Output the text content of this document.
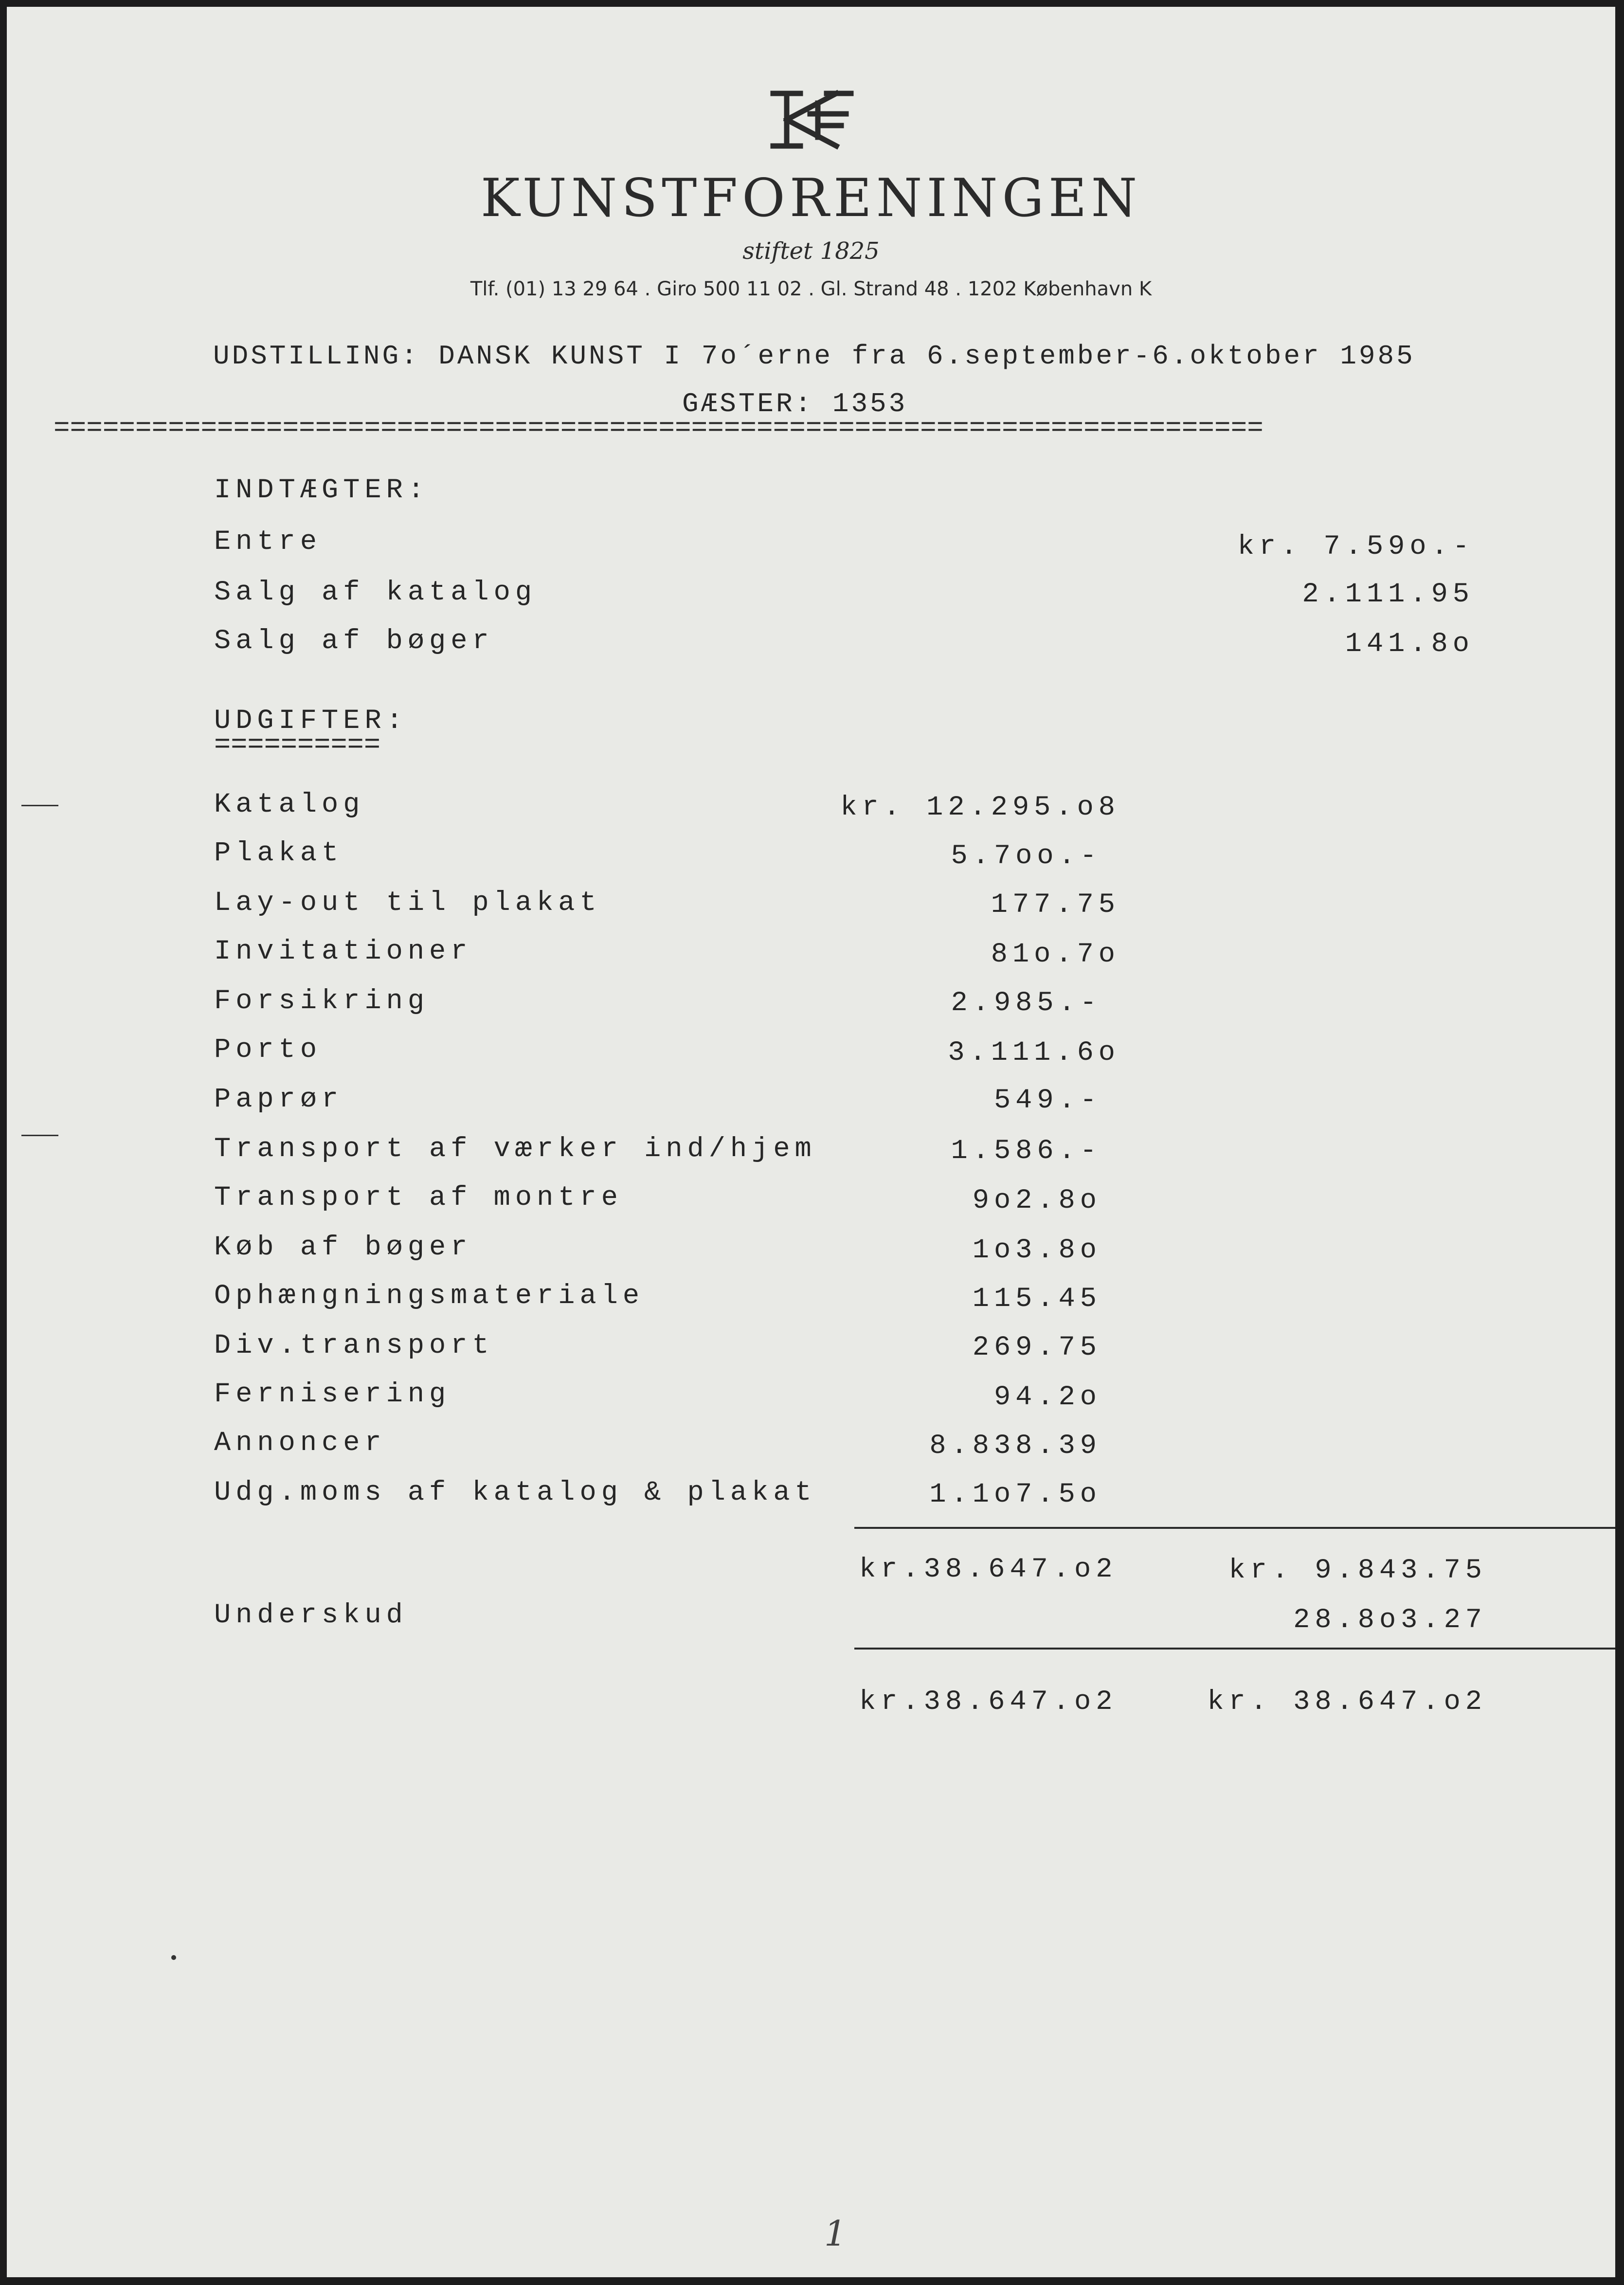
KUNSTFORENINGEN
stiftet 1825
Tlf. (01) 13 29 64 . Giro 500 11 02 . Gl. Strand 48 . 1202 København K
UDSTILLING: DANSK KUNST I 7o´erne fra 6.september-6.oktober 1985
GÆSTER: 1353
==========================================================================
INDTÆGTER:
Entre	kr. 7.59o.-
Salg af katalog	2.111.95
Salg af bøger	141.8o
UDGIFTER:
==========
Katalog	kr. 12.295.o8
Plakat	5.7oo.-
Lay-out til plakat	177.75
Invitationer	81o.7o
Forsikring	2.985.-
Porto	3.111.6o
Paprør	549.-
Transport af værker ind/hjem	1.586.-
Transport af montre	9o2.8o
Køb af bøger	1o3.8o
Ophængningsmateriale	115.45
Div.transport	269.75
Fernisering	94.2o
Annoncer	8.838.39
Udg.moms af katalog & plakat	1.1o7.5o
kr.38.647.o2	kr. 9.843.75
Underskud	28.8o3.27
kr.38.647.o2	kr. 38.647.o2
1
